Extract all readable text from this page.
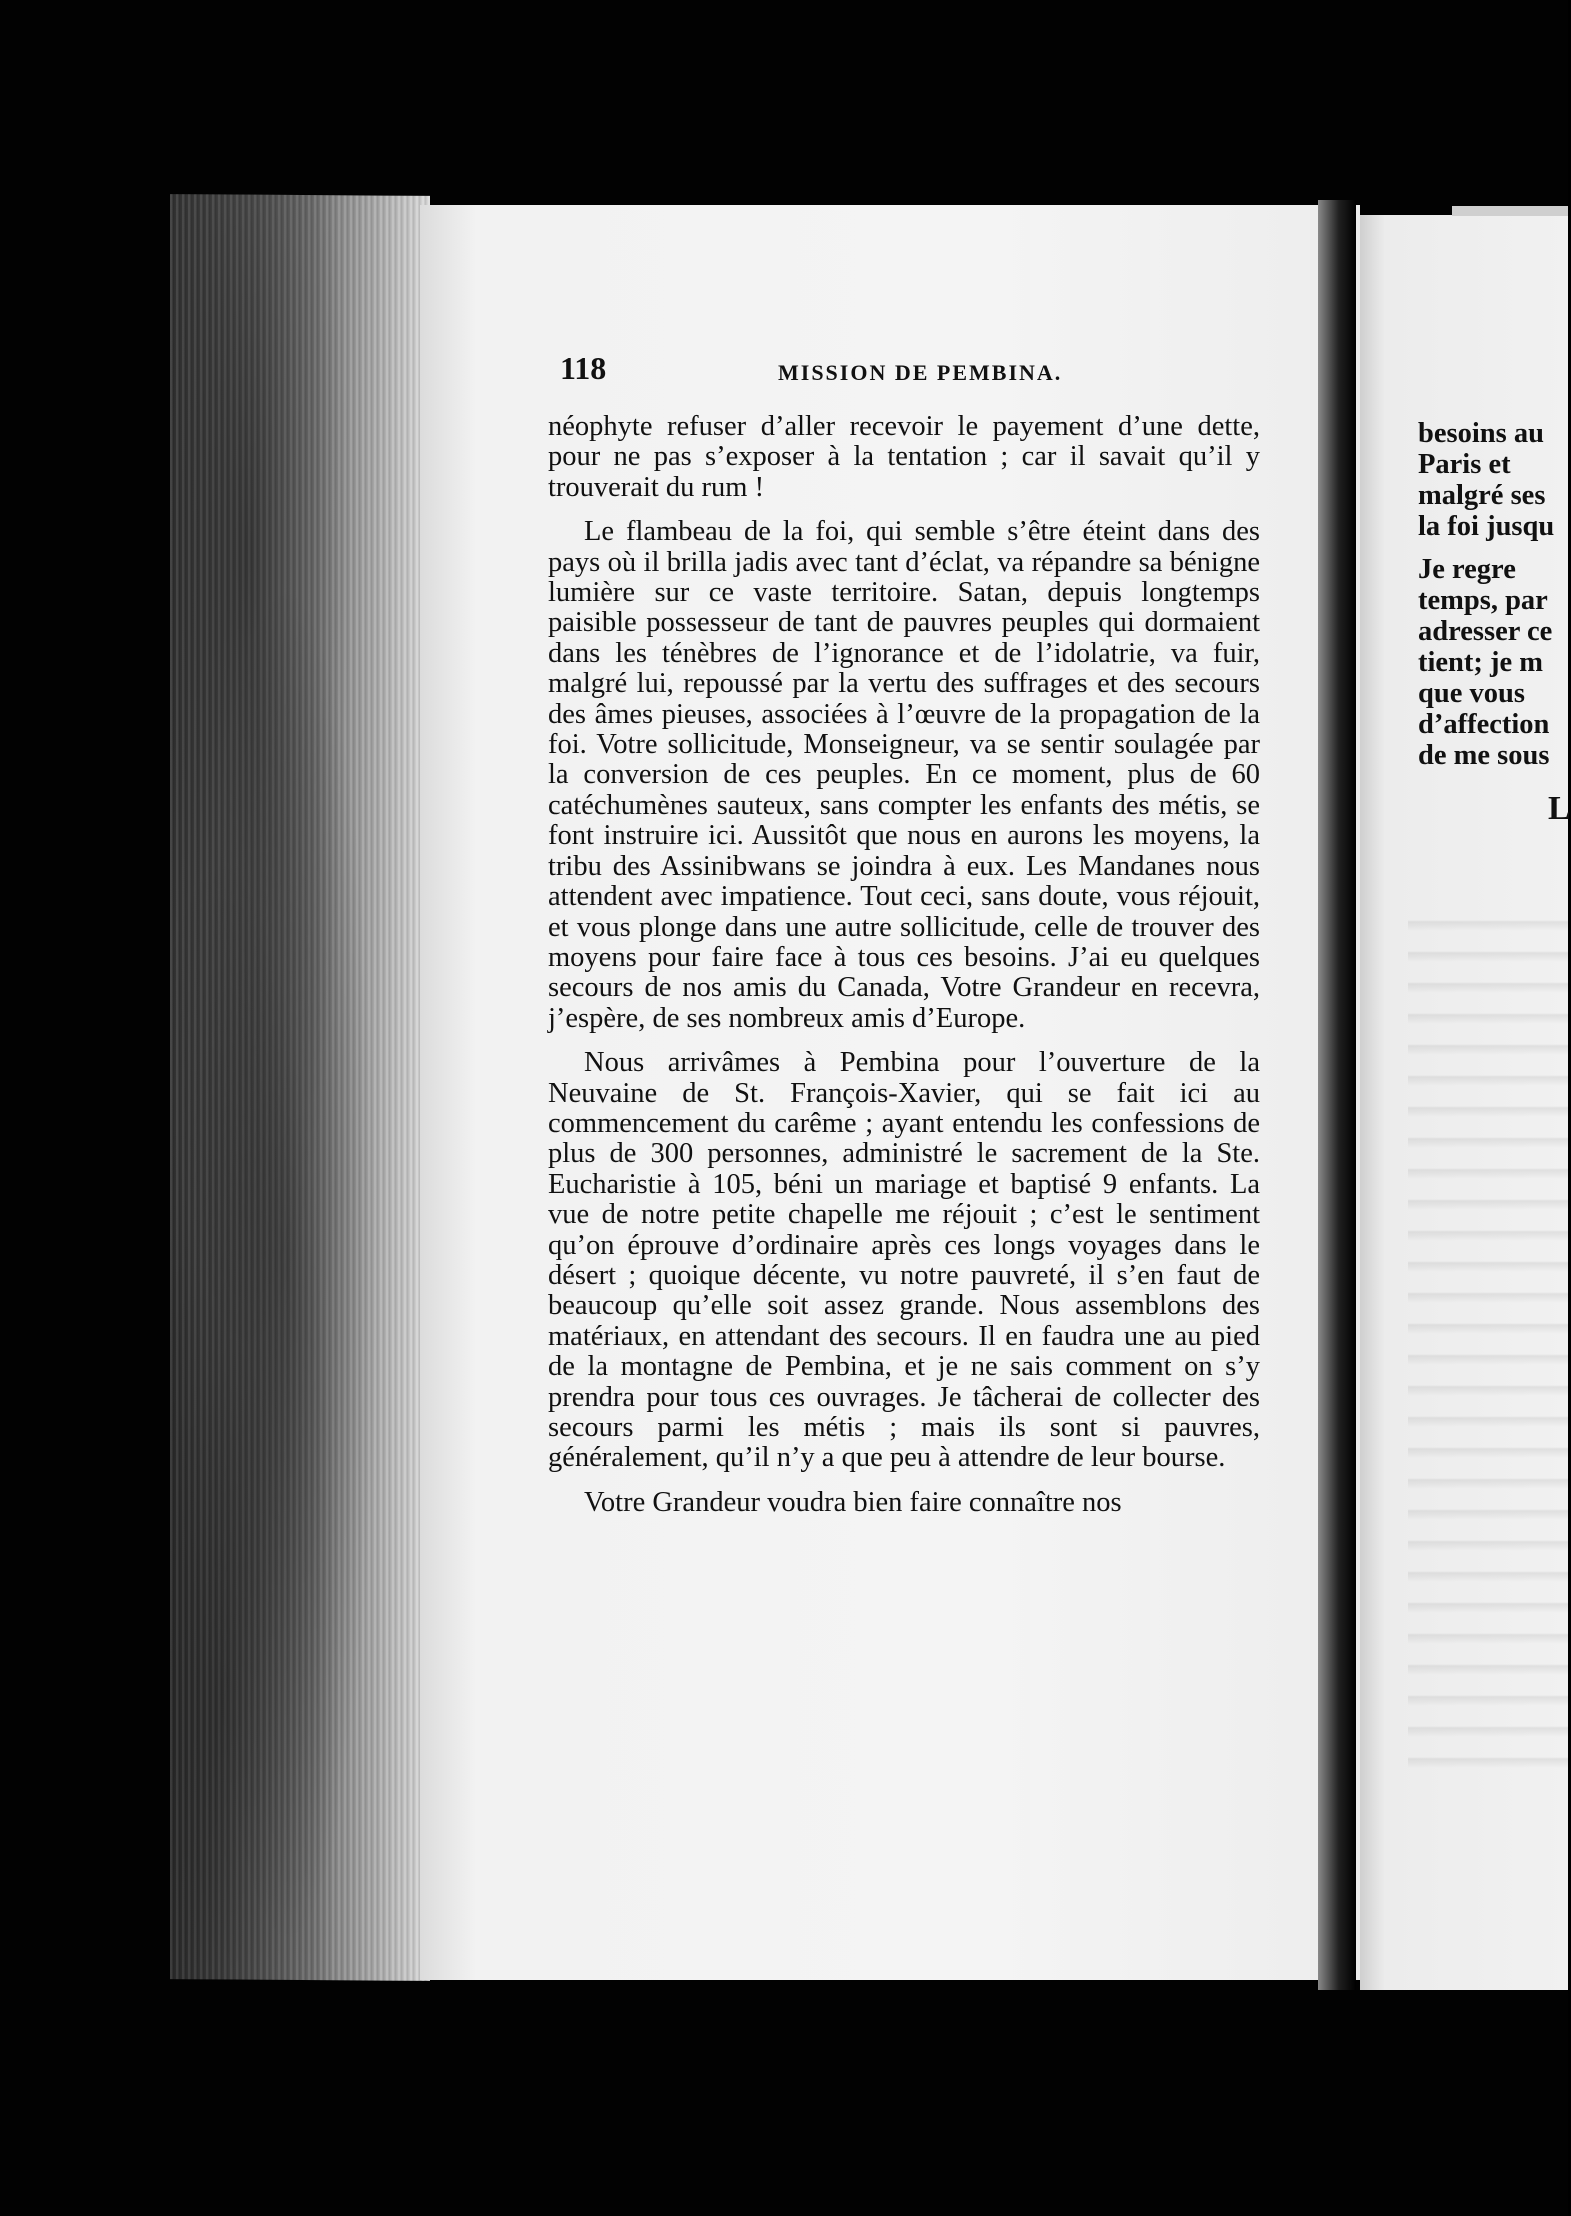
118	MISSION DE PEMBINA.

néophyte refuser d’aller recevoir le payement d’une dette, pour ne pas s’exposer à la tentation ; car il savait qu’il y trouverait du rum !

Le flambeau de la foi, qui semble s’être éteint dans des pays où il brilla jadis avec tant d’éclat, va répandre sa bénigne lumière sur ce vaste territoire. Satan, depuis longtemps paisible possesseur de tant de pauvres peuples qui dormaient dans les ténèbres de l’ignorance et de l’idolatrie, va fuir, malgré lui, repoussé par la vertu des suffrages et des secours des âmes pieuses, associées à l’œuvre de la propagation de la foi. Votre sollicitude, Monseigneur, va se sentir soulagée par la conversion de ces peuples. En ce moment, plus de 60 catéchumènes sauteux, sans compter les enfants des métis, se font instruire ici. Aussitôt que nous en aurons les moyens, la tribu des Assinibwans se joindra à eux. Les Mandanes nous attendent avec impatience. Tout ceci, sans doute, vous réjouit, et vous plonge dans une autre sollicitude, celle de trouver des moyens pour faire face à tous ces besoins. J’ai eu quelques secours de nos amis du Canada, Votre Grandeur en recevra, j’espère, de ses nombreux amis d’Europe.

Nous arrivâmes à Pembina pour l’ouverture de la Neuvaine de St. François-Xavier, qui se fait ici au commencement du carême ; ayant entendu les confessions de plus de 300 personnes, administré le sacrement de la Ste. Eucharistie à 105, béni un mariage et baptisé 9 enfants. La vue de notre petite chapelle me réjouit ; c’est le sentiment qu’on éprouve d’ordinaire après ces longs voyages dans le désert ; quoique décente, vu notre pauvreté, il s’en faut de beaucoup qu’elle soit assez grande. Nous assemblons des matériaux, en attendant des secours. Il en faudra une au pied de la montagne de Pembina, et je ne sais comment on s’y prendra pour tous ces ouvrages. Je tâcherai de collecter des secours parmi les métis ; mais ils sont si pauvres, généralement, qu’il n’y a que peu à attendre de leur bourse.

Votre Grandeur voudra bien faire connaître nos

besoins au
Paris et
malgré ses
la foi jusqu
Je regre
temps, par
adresser ce
tient; je m
que vous
d’affection
de me sous
L
